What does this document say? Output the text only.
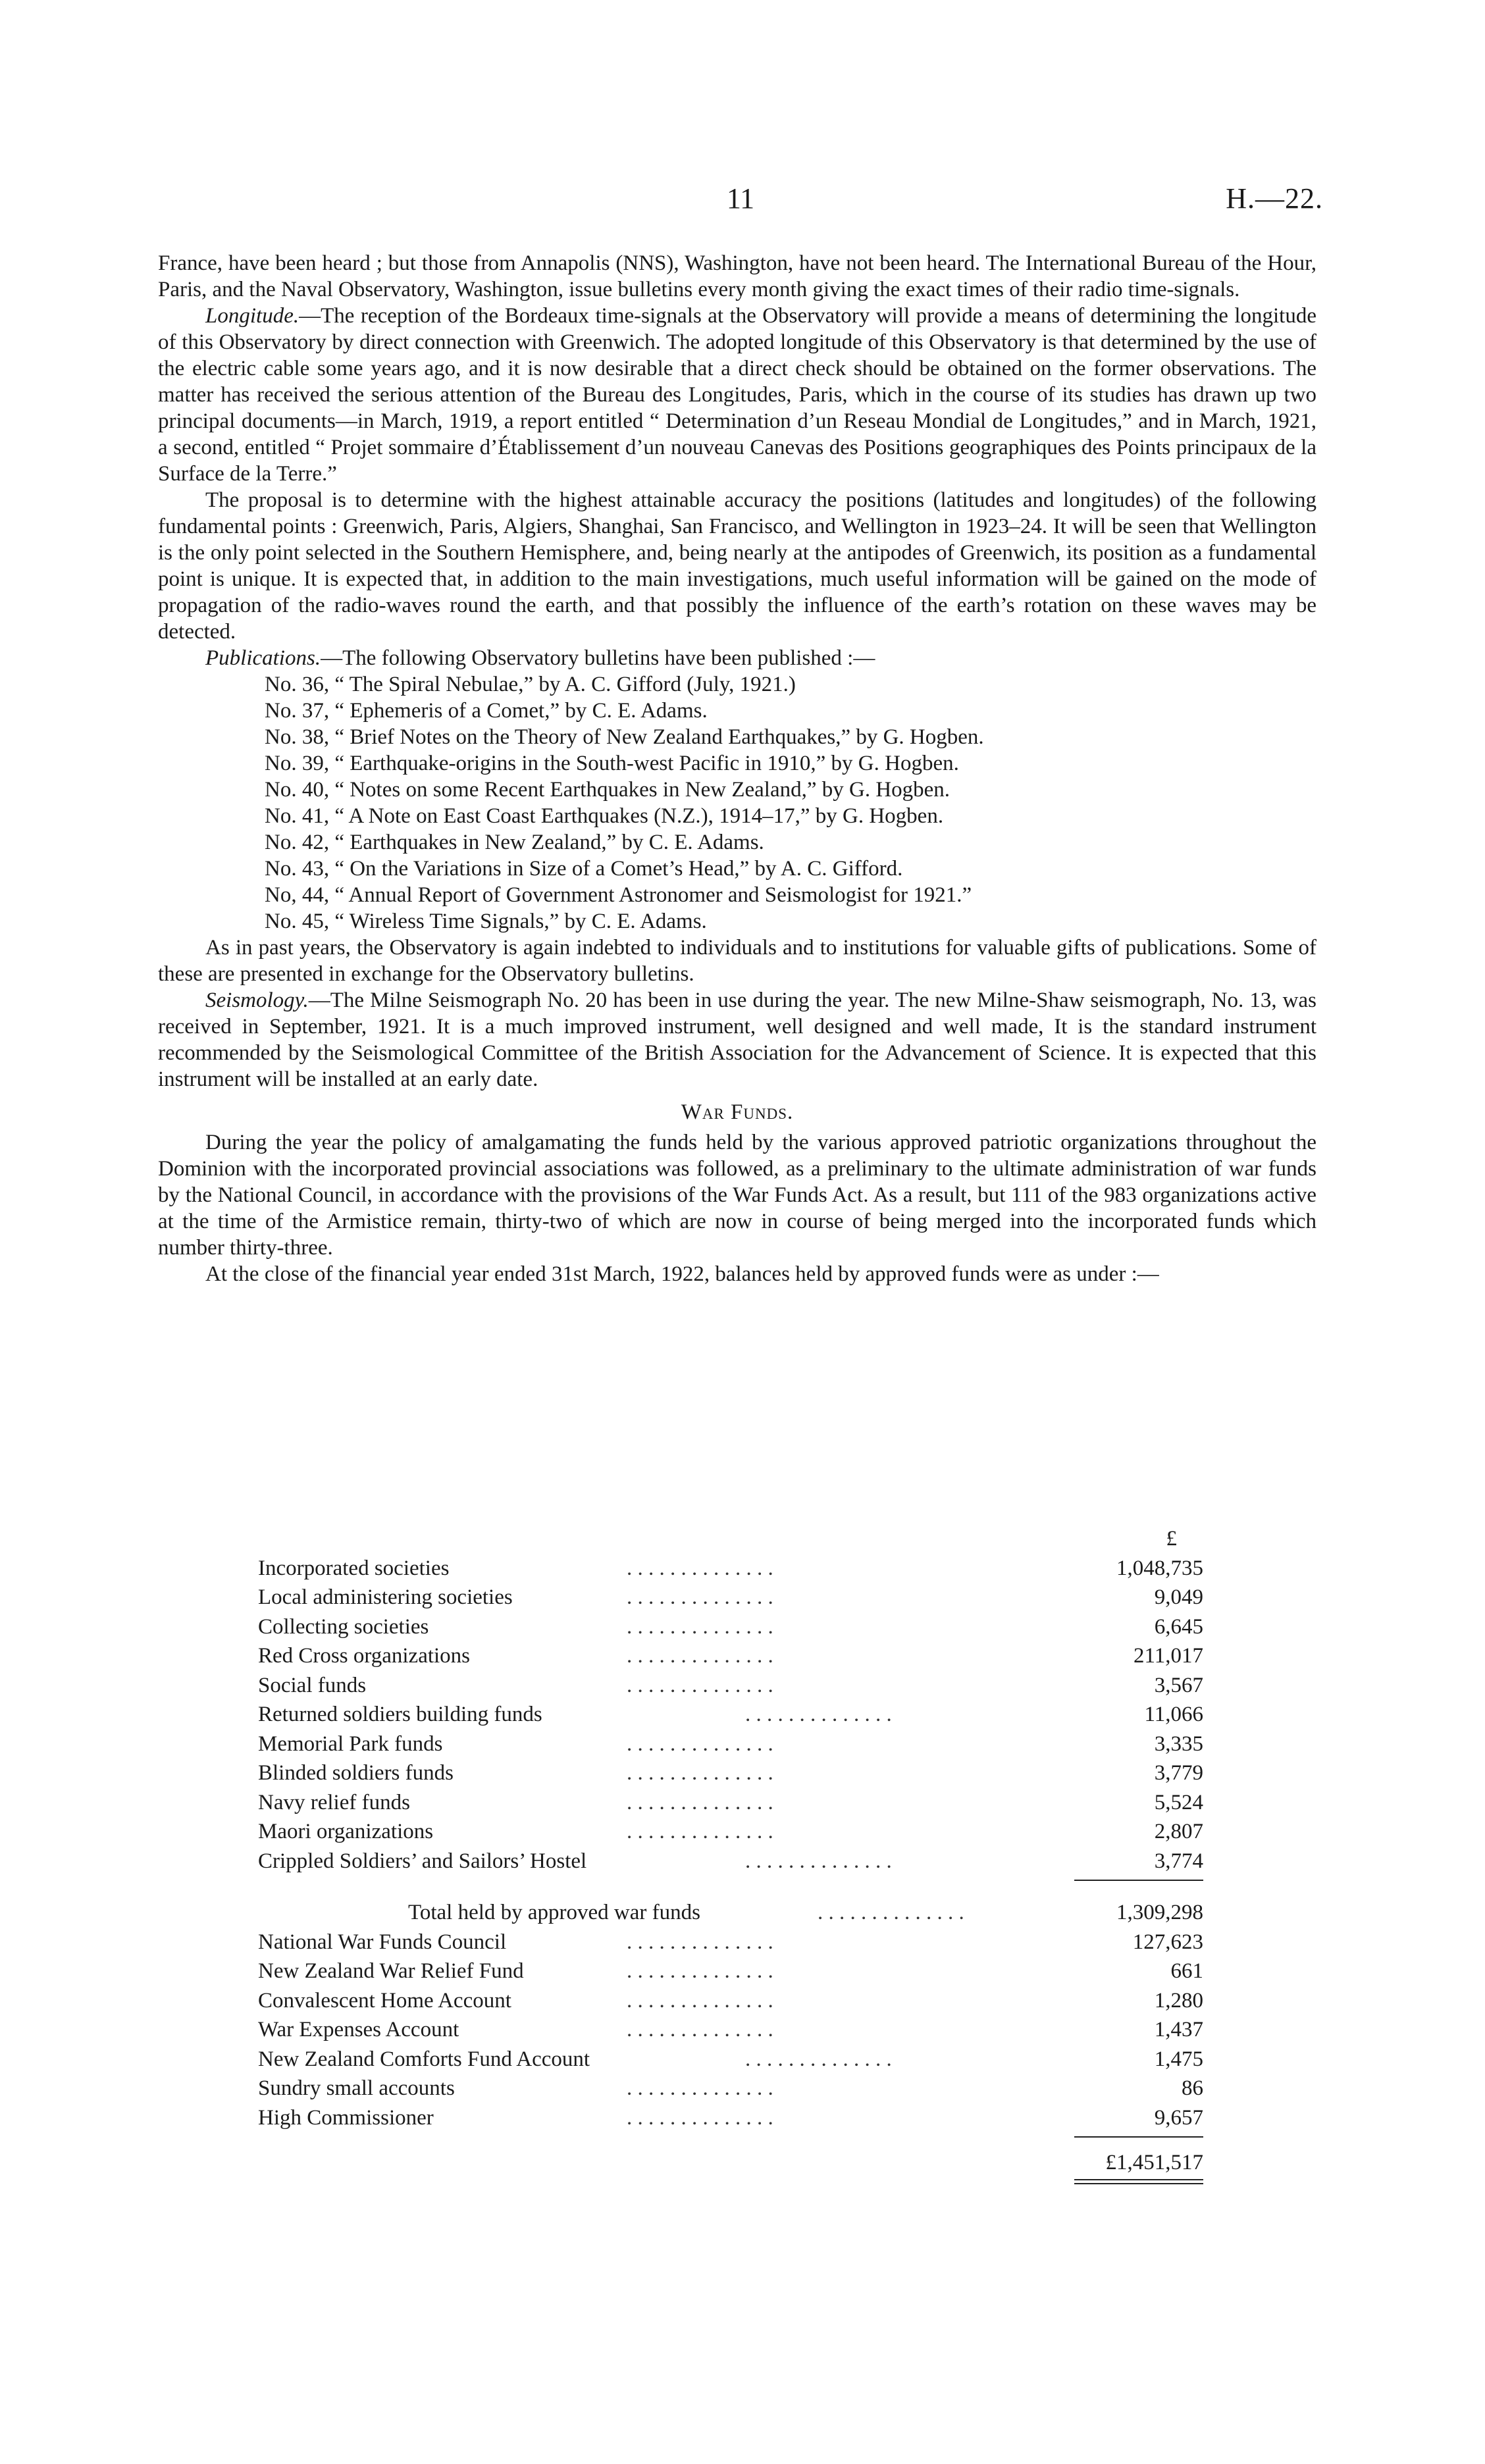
11	H.—22.

France, have been heard ; but those from Annapolis (NNS), Washington, have not been heard. The International Bureau of the Hour, Paris, and the Naval Observatory, Washington, issue bulletins every month giving the exact times of their radio time-signals.

Longitude.—The reception of the Bordeaux time-signals at the Observatory will provide a means of determining the longitude of this Observatory by direct connection with Greenwich. The adopted longitude of this Observatory is that determined by the use of the electric cable some years ago, and it is now desirable that a direct check should be obtained on the former observations. The matter has received the serious attention of the Bureau des Longitudes, Paris, which in the course of its studies has drawn up two principal documents—in March, 1919, a report entitled “ Determination d’un Reseau Mondial de Longitudes,” and in March, 1921, a second, entitled “ Projet sommaire d’Établissement d’un nouveau Canevas des Positions geographiques des Points principaux de la Surface de la Terre.”

The proposal is to determine with the highest attainable accuracy the positions (latitudes and longitudes) of the following fundamental points : Greenwich, Paris, Algiers, Shanghai, San Francisco, and Wellington in 1923–24. It will be seen that Wellington is the only point selected in the Southern Hemisphere, and, being nearly at the antipodes of Greenwich, its position as a fundamental point is unique. It is expected that, in addition to the main investigations, much useful information will be gained on the mode of propagation of the radio-waves round the earth, and that possibly the influence of the earth’s rotation on these waves may be detected.

Publications.—The following Observatory bulletins have been published :—

No. 36, “ The Spiral Nebulae,” by A. C. Gifford (July, 1921.)
No. 37, “ Ephemeris of a Comet,” by C. E. Adams.
No. 38, “ Brief Notes on the Theory of New Zealand Earthquakes,” by G. Hogben.
No. 39, “ Earthquake-origins in the South-west Pacific in 1910,” by G. Hogben.
No. 40, “ Notes on some Recent Earthquakes in New Zealand,” by G. Hogben.
No. 41, “ A Note on East Coast Earthquakes (N.Z.), 1914–17,” by G. Hogben.
No. 42, “ Earthquakes in New Zealand,” by C. E. Adams.
No. 43, “ On the Variations in Size of a Comet’s Head,” by A. C. Gifford.
No, 44, “ Annual Report of Government Astronomer and Seismologist for 1921.”
No. 45, “ Wireless Time Signals,” by C. E. Adams.

As in past years, the Observatory is again indebted to individuals and to institutions for valuable gifts of publications. Some of these are presented in exchange for the Observatory bulletins.

Seismology.—The Milne Seismograph No. 20 has been in use during the year. The new Milne-Shaw seismograph, No. 13, was received in September, 1921. It is a much improved instrument, well designed and well made, It is the standard instrument recommended by the Seismological Committee of the British Association for the Advancement of Science. It is expected that this instrument will be installed at an early date.

War Funds.

During the year the policy of amalgamating the funds held by the various approved patriotic organizations throughout the Dominion with the incorporated provincial associations was followed, as a preliminary to the ultimate administration of war funds by the National Council, in accordance with the provisions of the War Funds Act. As a result, but 111 of the 983 organizations active at the time of the Armistice remain, thirty-two of which are now in course of being merged into the incorporated funds which number thirty-three.

At the close of the financial year ended 31st March, 1922, balances held by approved funds were as under :—

£
Incorporated societies	. . . . . . . . . . . . . .	1,048,735
Local administering societies	. . . . . . . . . . . . . .	9,049
Collecting societies	. . . . . . . . . . . . . .	6,645
Red Cross organizations	. . . . . . . . . . . . . .	211,017
Social funds	. . . . . . . . . . . . . .	3,567
Returned soldiers building funds	. . . . . . . . . . . . . .	11,066
Memorial Park funds	. . . . . . . . . . . . . .	3,335
Blinded soldiers funds	. . . . . . . . . . . . . .	3,779
Navy relief funds	. . . . . . . . . . . . . .	5,524
Maori organizations	. . . . . . . . . . . . . .	2,807
Crippled Soldiers’ and Sailors’ Hostel	. . . . . . . . . . . . . .	3,774
Total held by approved war funds	. . . . . . . . . . . . . .	1,309,298
National War Funds Council	. . . . . . . . . . . . . .	127,623
New Zealand War Relief Fund	. . . . . . . . . . . . . .	661
Convalescent Home Account	. . . . . . . . . . . . . .	1,280
War Expenses Account	. . . . . . . . . . . . . .	1,437
New Zealand Comforts Fund Account	. . . . . . . . . . . . . .	1,475
Sundry small accounts	. . . . . . . . . . . . . .	86
High Commissioner	. . . . . . . . . . . . . .	9,657
£1,451,517
